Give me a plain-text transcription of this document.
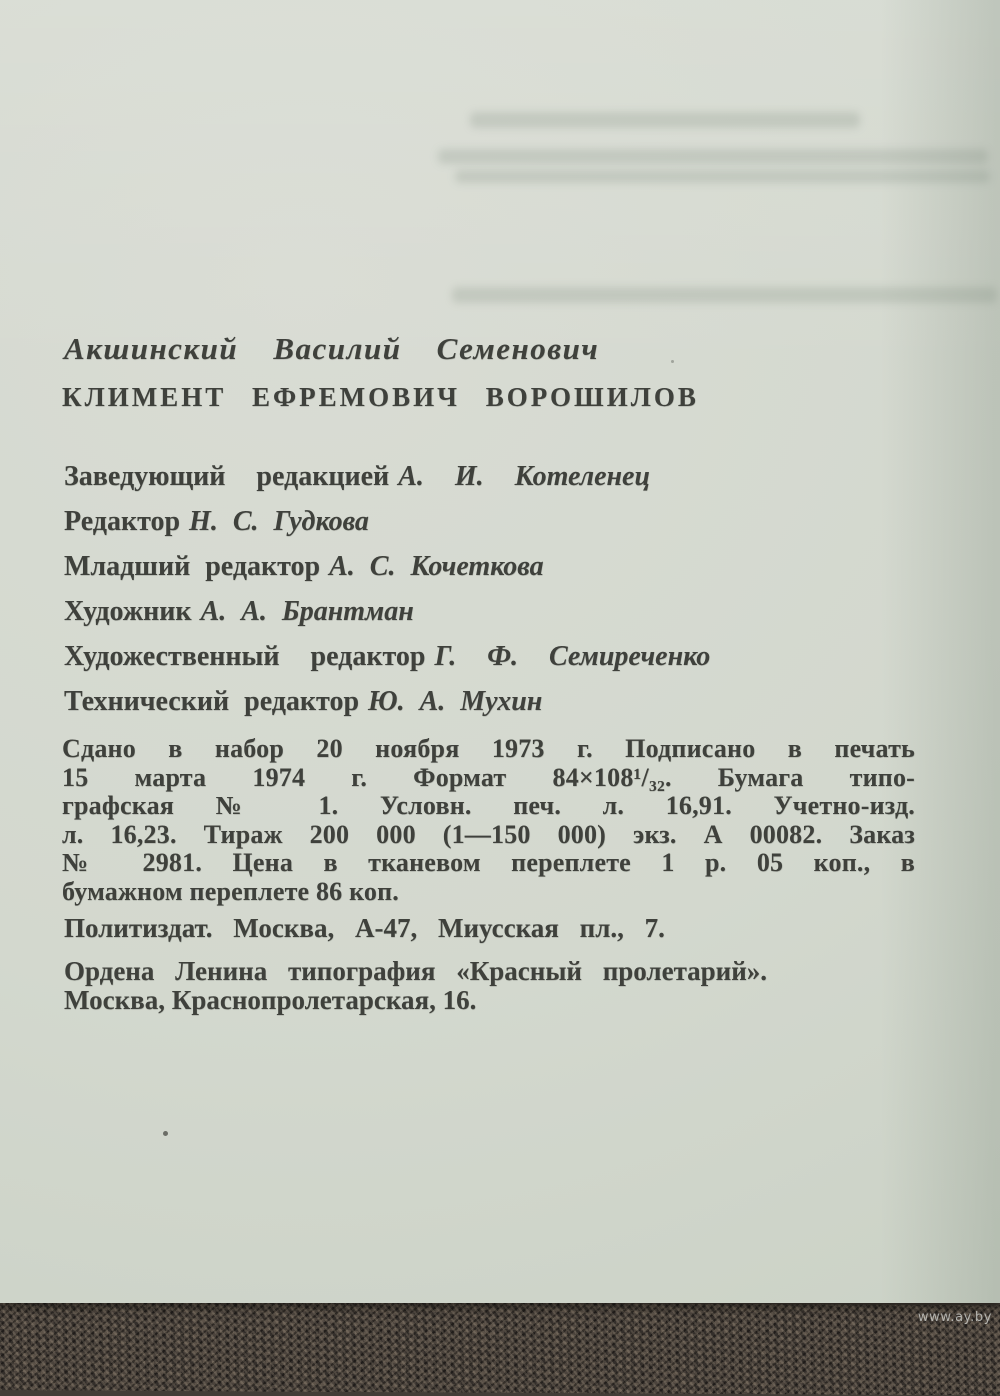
Акшинский Василий Семенович
КЛИМЕНТ ЕФРЕМОВИЧ ВОРОШИЛОВ
Заведующий редакцией А. И. Котеленец
Редактор Н. С. Гудкова
Младший редактор А. С. Кочеткова
Художник А. А. Брантман
Художественный редактор Г. Ф. Семиреченко
Технический редактор Ю. А. Мухин
Сдано в набор 20 ноября 1973 г. Подписано в печать
15 марта 1974 г. Формат 84×108¹/₃₂. Бумага типо-
графская № 1. Условн. печ. л. 16,91. Учетно-изд.
л. 16,23. Тираж 200 000 (1—150 000) экз. А 00082. Заказ
№ 2981. Цена в тканевом переплете 1 р. 05 коп., в
бумажном переплете 86 коп.
Политиздат. Москва, А-47, Миусская пл., 7.
Ордена Ленина типография «Красный пролетарий».
Москва, Краснопролетарская, 16.
www.ay.by
